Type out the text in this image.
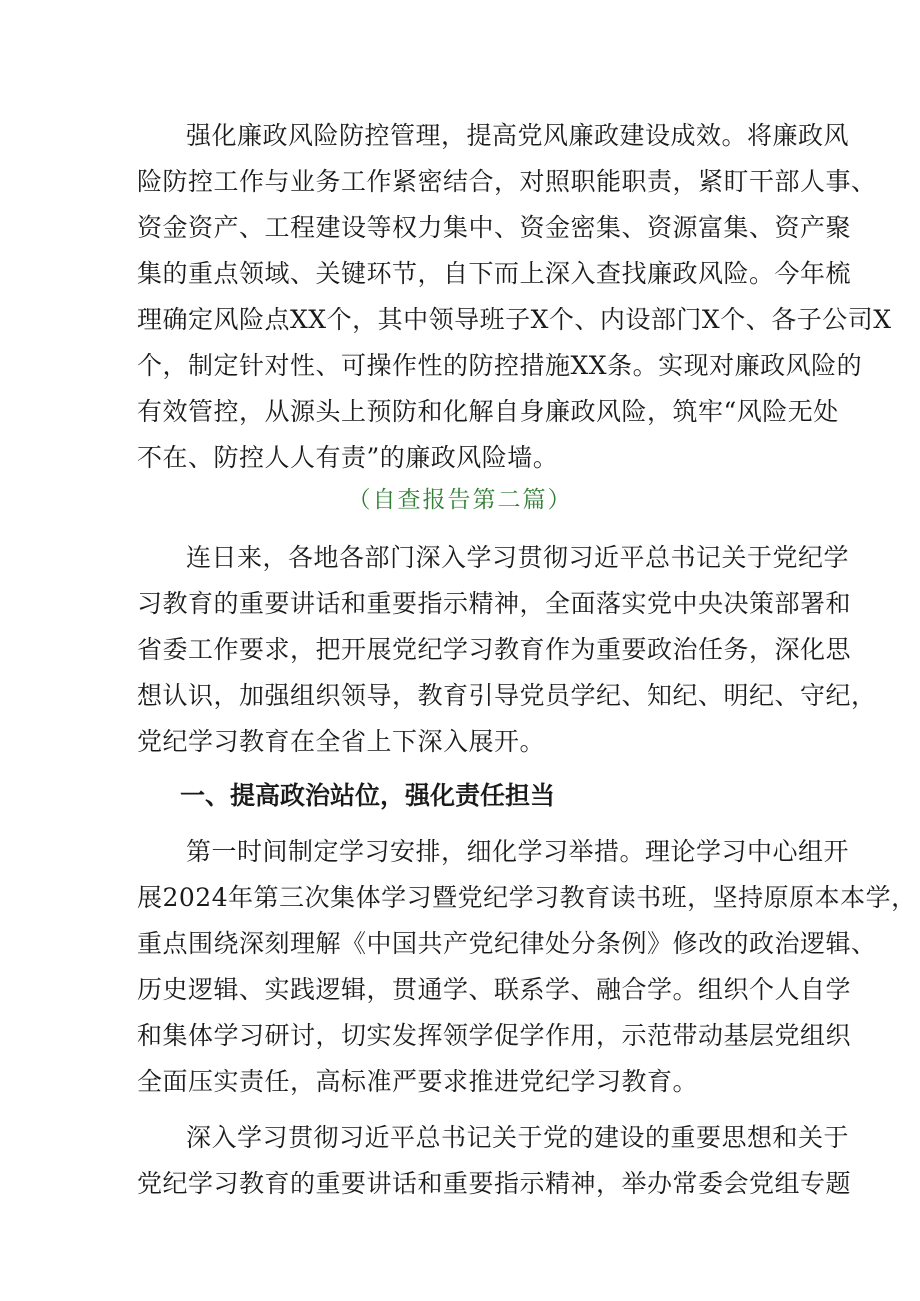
强化廉政风险防控管理，提高党风廉政建设成效。将廉政风
险防控工作与业务工作紧密结合，对照职能职责，紧盯干部人事、
资金资产、工程建设等权力集中、资金密集、资源富集、资产聚
集的重点领域、关键环节，自下而上深入查找廉政风险。今年梳
理确定风险点XX个，其中领导班子X个、内设部门X个、各子公司X
个，制定针对性、可操作性的防控措施XX条。实现对廉政风险的
有效管控，从源头上预防和化解自身廉政风险，筑牢“风险无处
不在、防控人人有责”的廉政风险墙。
（自查报告第二篇）
连日来，各地各部门深入学习贯彻习近平总书记关于党纪学
习教育的重要讲话和重要指示精神，全面落实党中央决策部署和
省委工作要求，把开展党纪学习教育作为重要政治任务，深化思
想认识，加强组织领导，教育引导党员学纪、知纪、明纪、守纪，
党纪学习教育在全省上下深入展开。
一、提高政治站位，强化责任担当
第一时间制定学习安排，细化学习举措。理论学习中心组开
展2024年第三次集体学习暨党纪学习教育读书班，坚持原原本本学，
重点围绕深刻理解《中国共产党纪律处分条例》修改的政治逻辑、
历史逻辑、实践逻辑，贯通学、联系学、融合学。组织个人自学
和集体学习研讨，切实发挥领学促学作用，示范带动基层党组织
全面压实责任，高标准严要求推进党纪学习教育。
深入学习贯彻习近平总书记关于党的建设的重要思想和关于
党纪学习教育的重要讲话和重要指示精神，举办常委会党组专题
